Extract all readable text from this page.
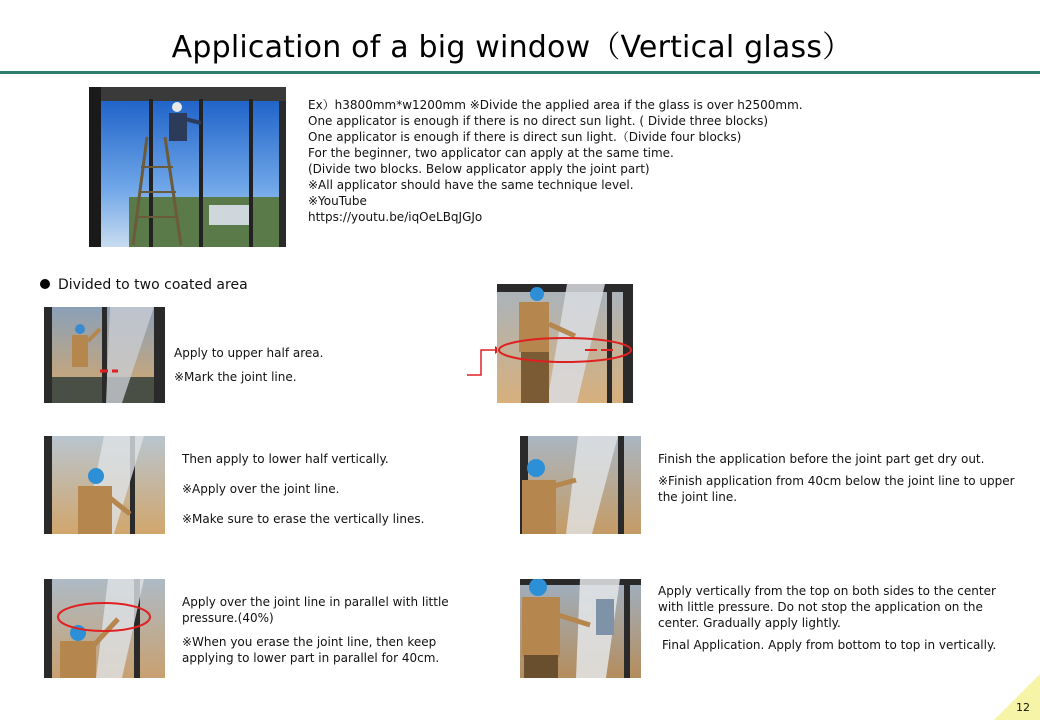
Application of a big window（Vertical glass）
Ex）h3800mm*w1200mm ※Divide the applied area if the glass is over h2500mm.
One applicator is enough if there is no direct sun light. ( Divide three blocks)
One applicator is enough if there is direct sun light.（Divide four blocks)
For the beginner, two applicator can apply at the same time.
(Divide two blocks. Below applicator apply the joint part)
※All applicator should have the same technique level.
※YouTube
https://youtu.be/iqOeLBqJGJo
Divided to two coated area

Apply to upper half area.

※Mark the joint line.

Then apply to lower half vertically.

※Apply over the joint line.

※Make sure to erase the vertically lines.

Finish the application before the joint part get dry out.

※Finish application from 40cm below the joint line to upper the joint line.

Apply over the joint line in parallel with little pressure.(40%)

※When you erase the joint line, then keep applying to lower part in parallel for 40cm.

Apply vertically from the top on both sides to the center with little pressure. Do not stop the application on the center. Gradually apply lightly.

Final Application. Apply from bottom to top in vertically.

12
